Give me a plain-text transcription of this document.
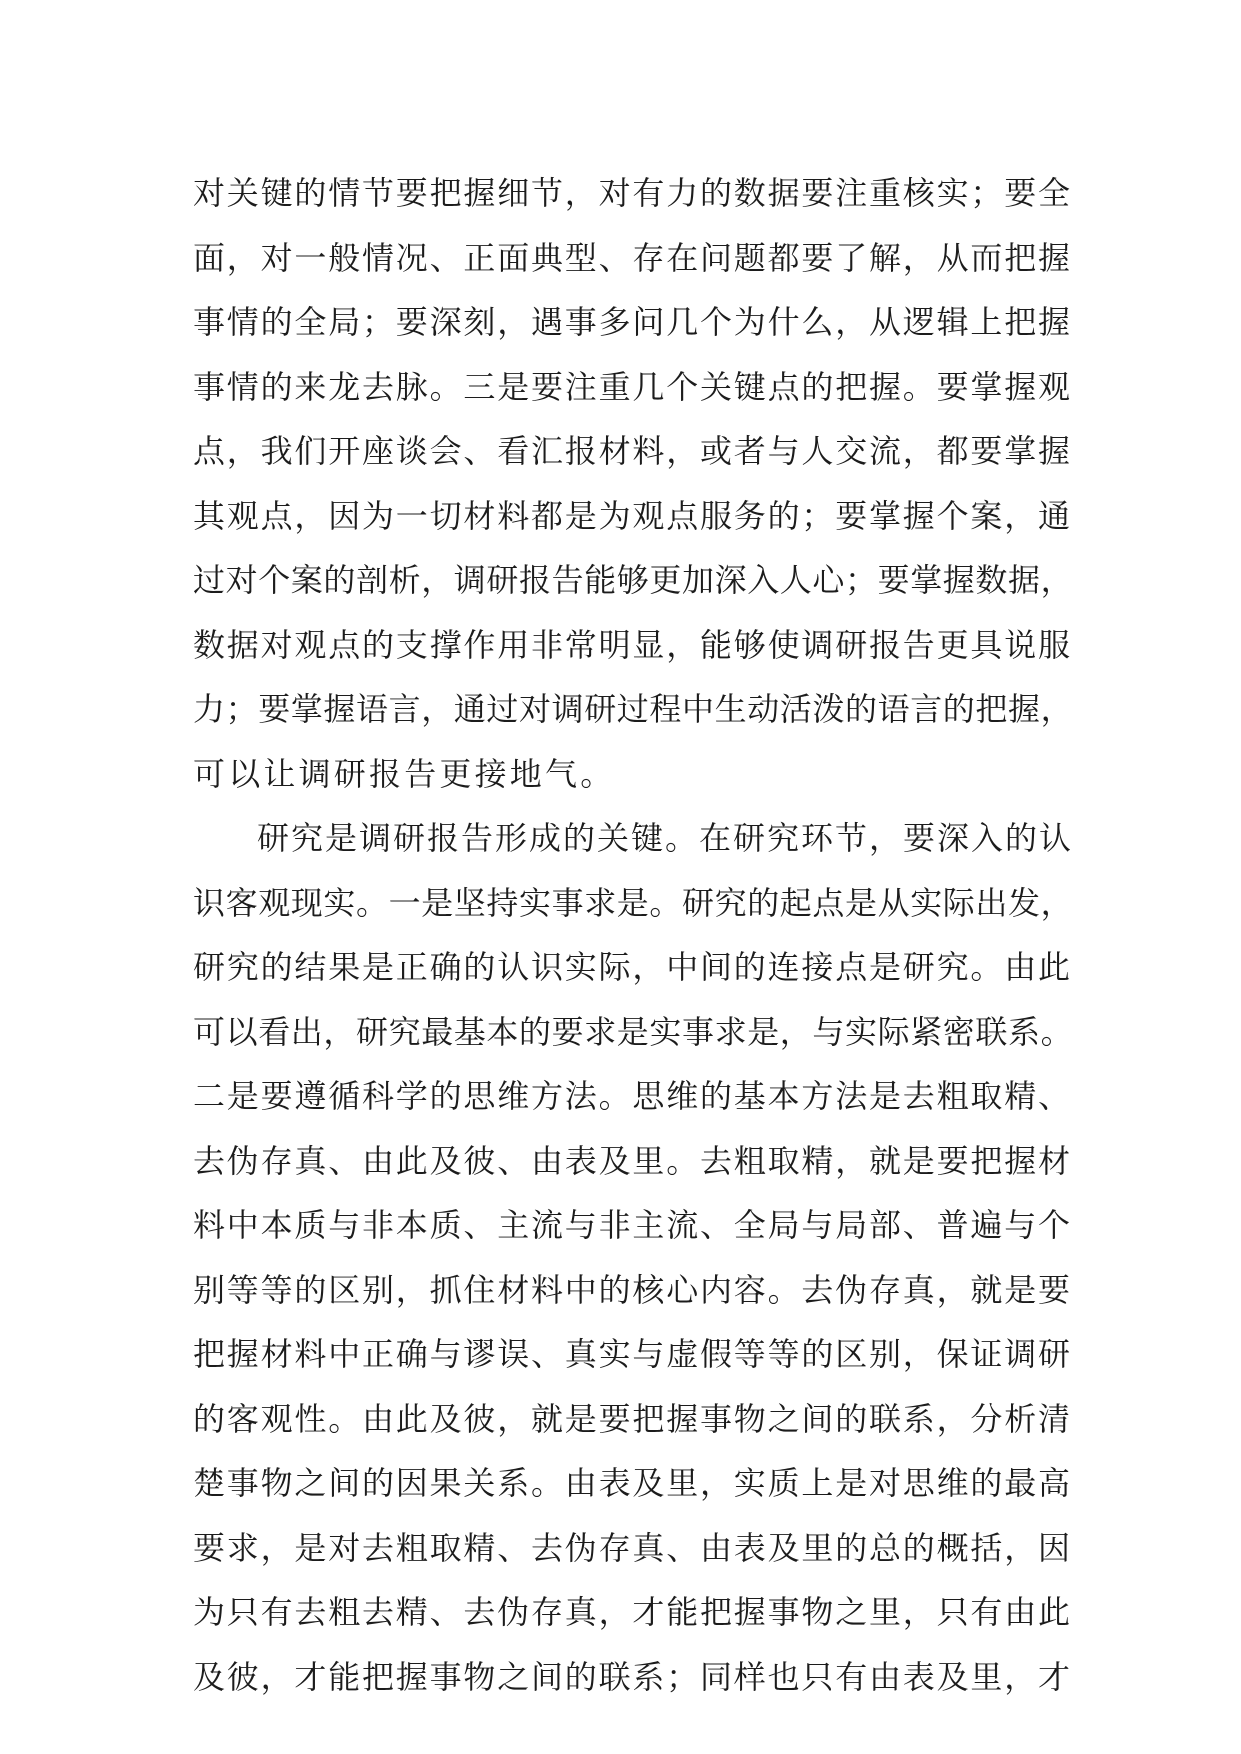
对关键的情节要把握细节，对有力的数据要注重核实；要全
面，对一般情况、正面典型、存在问题都要了解，从而把握
事情的全局；要深刻，遇事多问几个为什么，从逻辑上把握
事情的来龙去脉。三是要注重几个关键点的把握。要掌握观
点，我们开座谈会、看汇报材料，或者与人交流，都要掌握
其观点，因为一切材料都是为观点服务的；要掌握个案，通
过对个案的剖析，调研报告能够更加深入人心；要掌握数据，
数据对观点的支撑作用非常明显，能够使调研报告更具说服
力；要掌握语言，通过对调研过程中生动活泼的语言的把握，
可以让调研报告更接地气。
研究是调研报告形成的关键。在研究环节，要深入的认
识客观现实。一是坚持实事求是。研究的起点是从实际出发，
研究的结果是正确的认识实际，中间的连接点是研究。由此
可以看出，研究最基本的要求是实事求是，与实际紧密联系。
二是要遵循科学的思维方法。思维的基本方法是去粗取精、
去伪存真、由此及彼、由表及里。去粗取精，就是要把握材
料中本质与非本质、主流与非主流、全局与局部、普遍与个
别等等的区别，抓住材料中的核心内容。去伪存真，就是要
把握材料中正确与谬误、真实与虚假等等的区别，保证调研
的客观性。由此及彼，就是要把握事物之间的联系，分析清
楚事物之间的因果关系。由表及里，实质上是对思维的最高
要求，是对去粗取精、去伪存真、由表及里的总的概括，因
为只有去粗去精、去伪存真，才能把握事物之里，只有由此
及彼，才能把握事物之间的联系；同样也只有由表及里，才
